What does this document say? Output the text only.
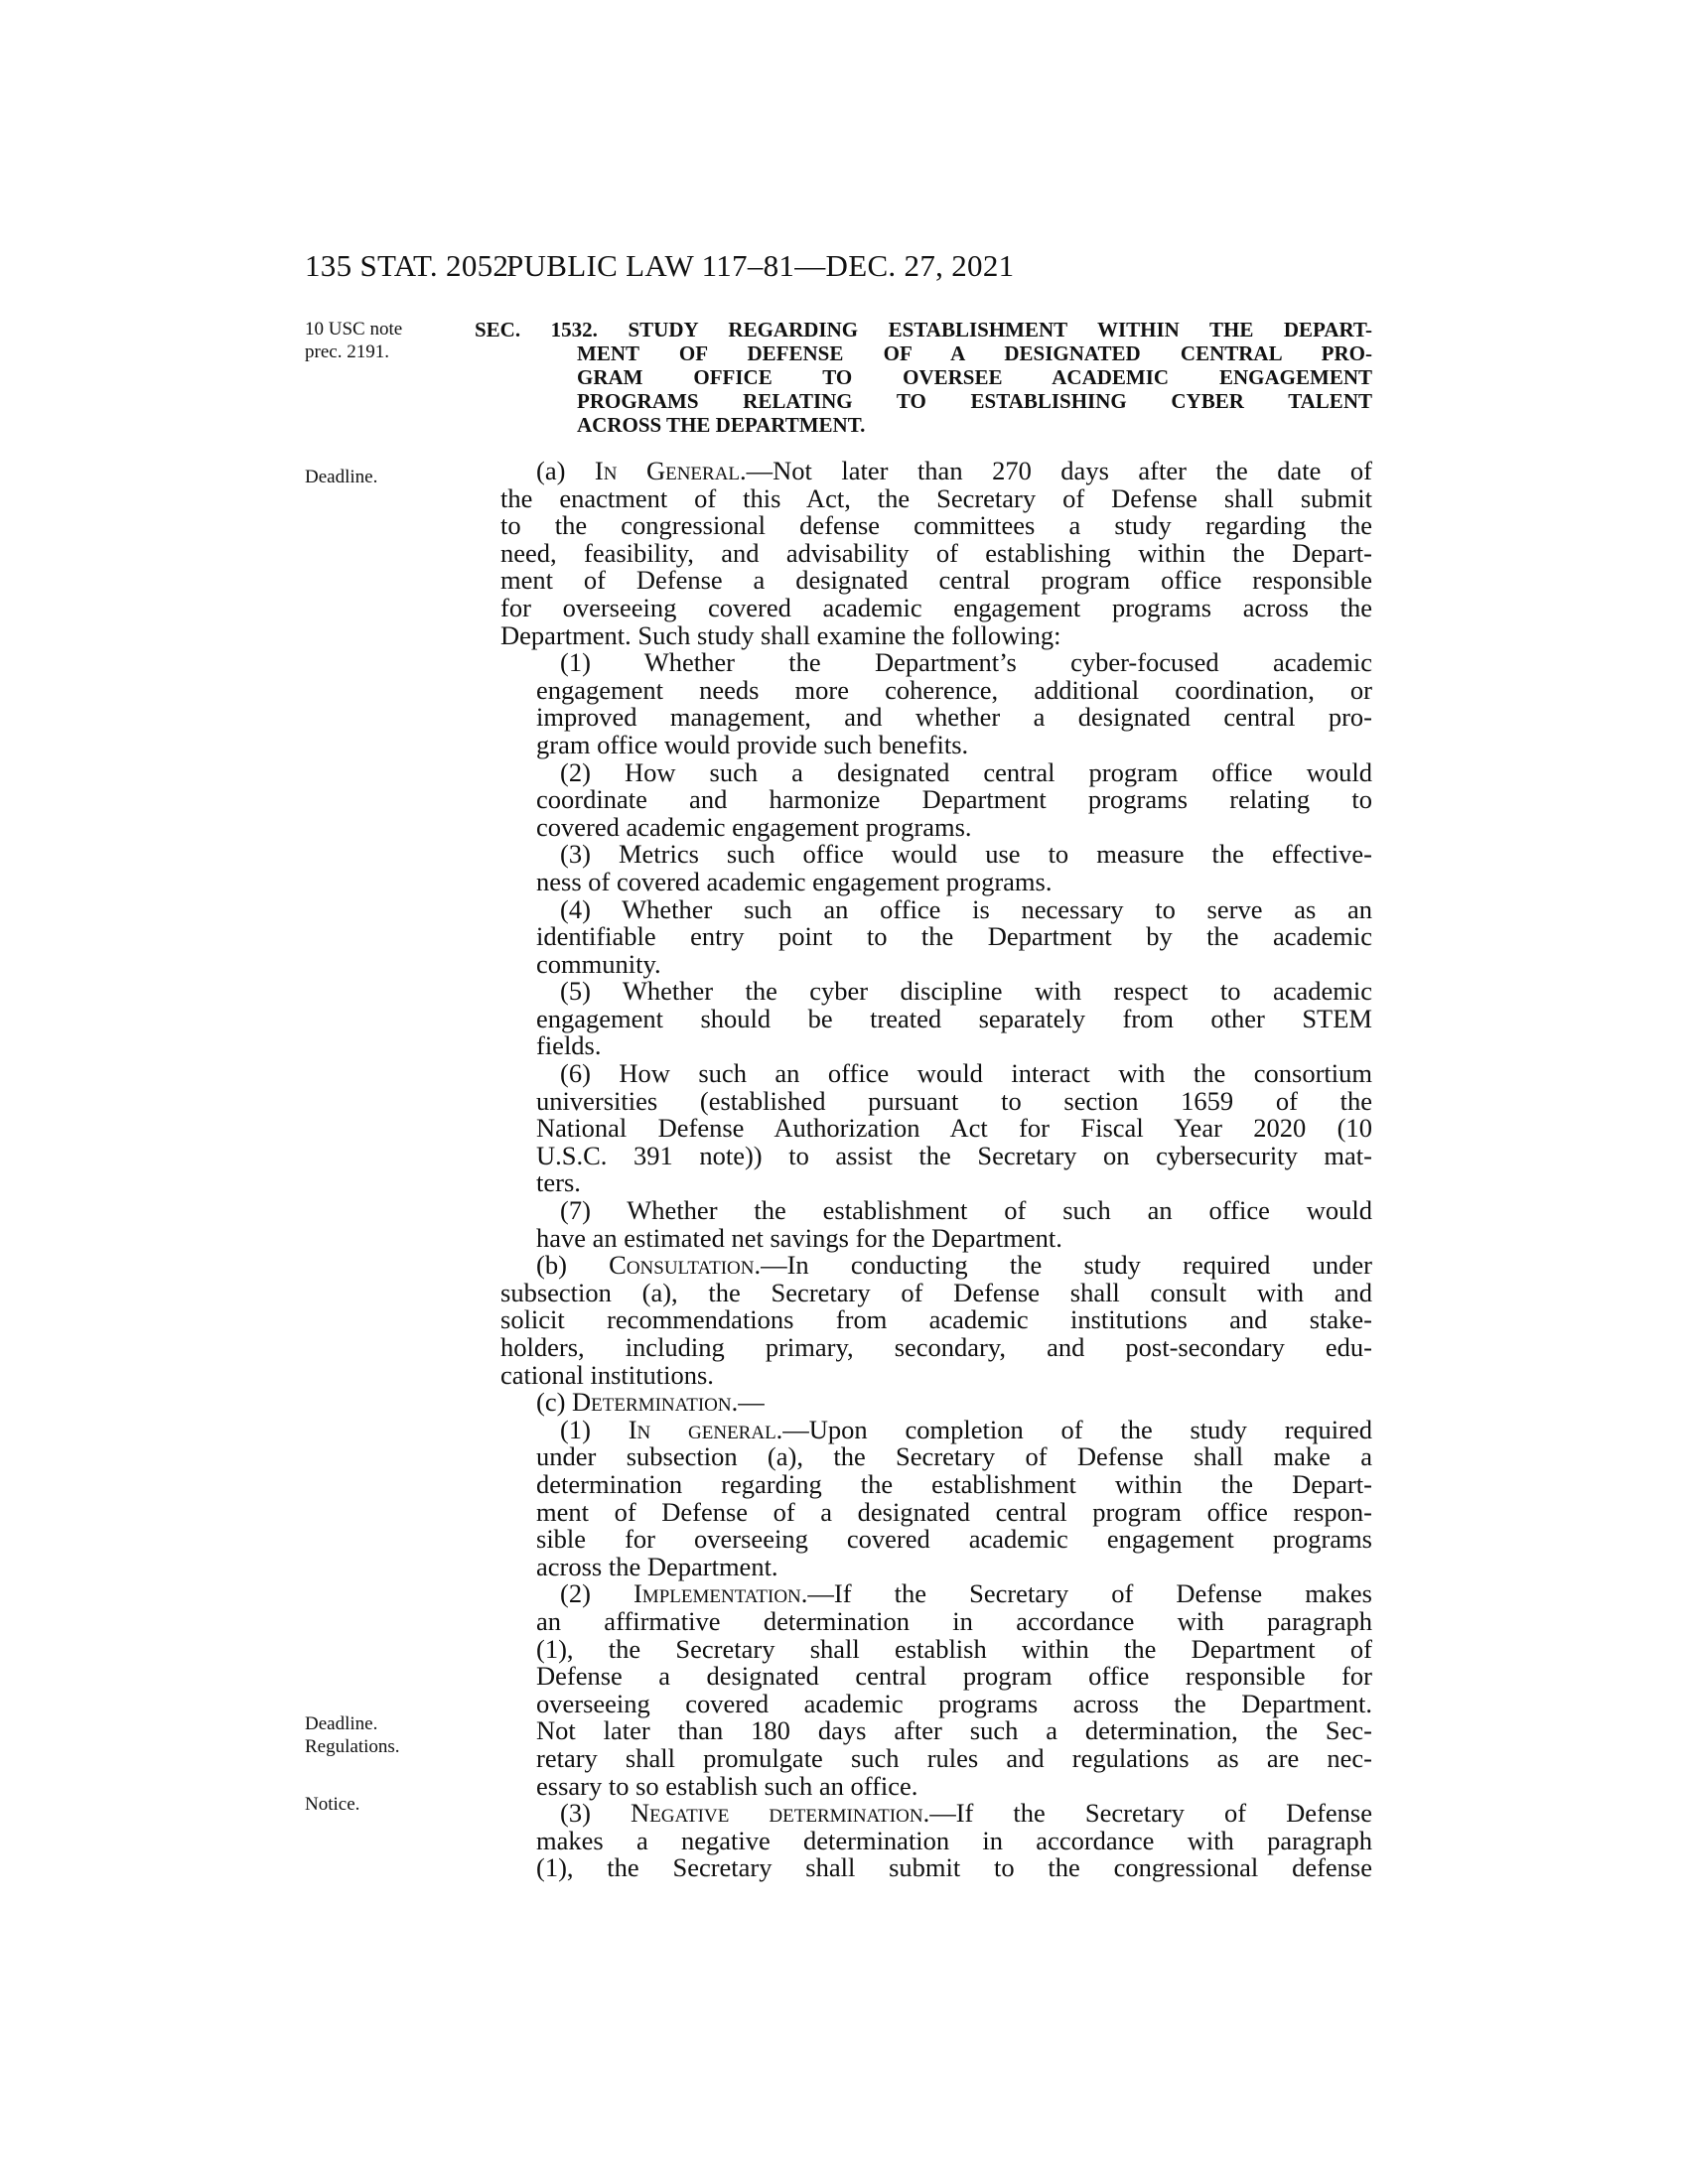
135 STAT. 2052
PUBLIC LAW 117–81—DEC. 27, 2021
10 USC note
prec. 2191.
Deadline.
Deadline.
Regulations.
Notice.
SEC. 1532. STUDY REGARDING ESTABLISHMENT WITHIN THE DEPART-
MENT OF DEFENSE OF A DESIGNATED CENTRAL PRO-
GRAM OFFICE TO OVERSEE ACADEMIC ENGAGEMENT
PROGRAMS RELATING TO ESTABLISHING CYBER TALENT
ACROSS THE DEPARTMENT.
(a) In General.—Not later than 270 days after the date of
the enactment of this Act, the Secretary of Defense shall submit
to the congressional defense committees a study regarding the
need, feasibility, and advisability of establishing within the Depart-
ment of Defense a designated central program office responsible
for overseeing covered academic engagement programs across the
Department. Such study shall examine the following:
(1) Whether the Department’s cyber-focused academic
engagement needs more coherence, additional coordination, or
improved management, and whether a designated central pro-
gram office would provide such benefits.
(2) How such a designated central program office would
coordinate and harmonize Department programs relating to
covered academic engagement programs.
(3) Metrics such office would use to measure the effective-
ness of covered academic engagement programs.
(4) Whether such an office is necessary to serve as an
identifiable entry point to the Department by the academic
community.
(5) Whether the cyber discipline with respect to academic
engagement should be treated separately from other STEM
fields.
(6) How such an office would interact with the consortium
universities (established pursuant to section 1659 of the
National Defense Authorization Act for Fiscal Year 2020 (10
U.S.C. 391 note)) to assist the Secretary on cybersecurity mat-
ters.
(7) Whether the establishment of such an office would
have an estimated net savings for the Department.
(b) Consultation.—In conducting the study required under
subsection (a), the Secretary of Defense shall consult with and
solicit recommendations from academic institutions and stake-
holders, including primary, secondary, and post-secondary edu-
cational institutions.
(c) Determination.—
(1) In general.—Upon completion of the study required
under subsection (a), the Secretary of Defense shall make a
determination regarding the establishment within the Depart-
ment of Defense of a designated central program office respon-
sible for overseeing covered academic engagement programs
across the Department.
(2) Implementation.—If the Secretary of Defense makes
an affirmative determination in accordance with paragraph
(1), the Secretary shall establish within the Department of
Defense a designated central program office responsible for
overseeing covered academic programs across the Department.
Not later than 180 days after such a determination, the Sec-
retary shall promulgate such rules and regulations as are nec-
essary to so establish such an office.
(3) Negative determination.—If the Secretary of Defense
makes a negative determination in accordance with paragraph
(1), the Secretary shall submit to the congressional defense
